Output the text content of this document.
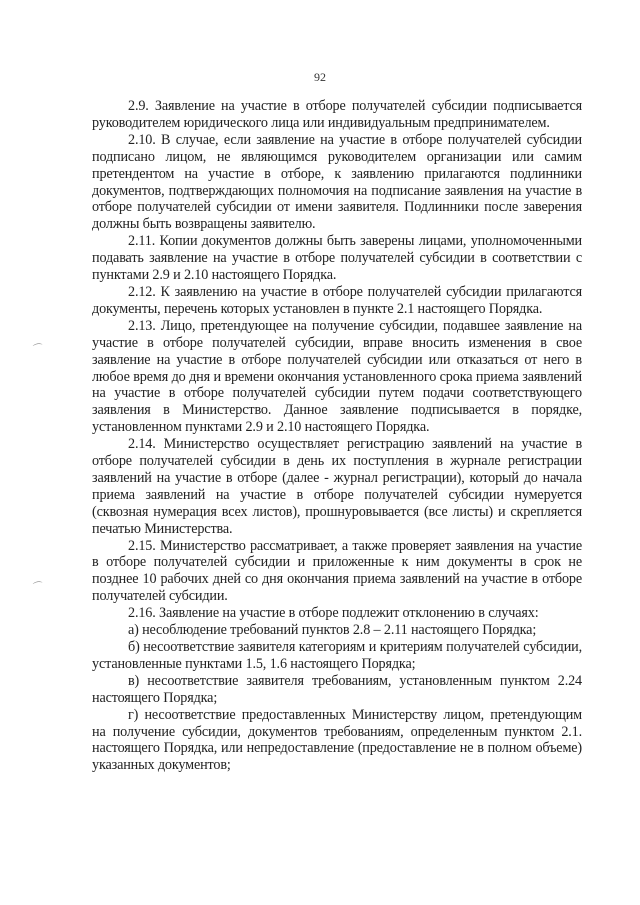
92
⌒
⌒

2.9. Заявление на участие в отборе получателей субсидии подписывается руководителем юридического лица или индивидуальным предпринимателем.

2.10. В случае, если заявление на участие в отборе получателей субсидии подписано лицом, не являющимся руководителем организации или самим претендентом на участие в отборе, к заявлению прилагаются подлинники документов, подтверждающих полномочия на подписание заявления на участие в отборе получателей субсидии от имени заявителя. Подлинники после заверения должны быть возвращены заявителю.

2.11. Копии документов должны быть заверены лицами, уполномоченными подавать заявление на участие в отборе получателей субсидии в соответствии с пунктами 2.9 и 2.10 настоящего Порядка.

2.12. К заявлению на участие в отборе получателей субсидии прилагаются документы, перечень которых установлен в пункте 2.1 настоящего Порядка.

2.13. Лицо, претендующее на получение субсидии, подавшее заявление на участие в отборе получателей субсидии, вправе вносить изменения в свое заявление на участие в отборе получателей субсидии или отказаться от него в любое время до дня и времени окончания установленного срока приема заявлений на участие в отборе получателей субсидии путем подачи соответствующего заявления в Министерство. Данное заявление подписывается в порядке, установленном пунктами 2.9 и 2.10 настоящего Порядка.

2.14. Министерство осуществляет регистрацию заявлений на участие в отборе получателей субсидии в день их поступления в журнале регистрации заявлений на участие в отборе (далее - журнал регистрации), который до начала приема заявлений на участие в отборе получателей субсидии нумеруется (сквозная нумерация всех листов), прошнуровывается (все листы) и скрепляется печатью Министерства.

2.15. Министерство рассматривает, а также проверяет заявления на участие в отборе получателей субсидии и приложенные к ним документы в срок не позднее 10 рабочих дней со дня окончания приема заявлений на участие в отборе получателей субсидии.

2.16. Заявление на участие в отборе подлежит отклонению в случаях:

а) несоблюдение требований пунктов 2.8 – 2.11 настоящего Порядка;

б) несоответствие заявителя категориям и критериям получателей субсидии, установленные пунктами 1.5, 1.6 настоящего Порядка;

в) несоответствие заявителя требованиям, установленным пунктом 2.24 настоящего Порядка;

г) несоответствие предоставленных Министерству лицом, претендующим на получение субсидии, документов требованиям, определенным пунктом 2.1. настоящего Порядка, или непредоставление (предоставление не в полном объеме) указанных документов;
